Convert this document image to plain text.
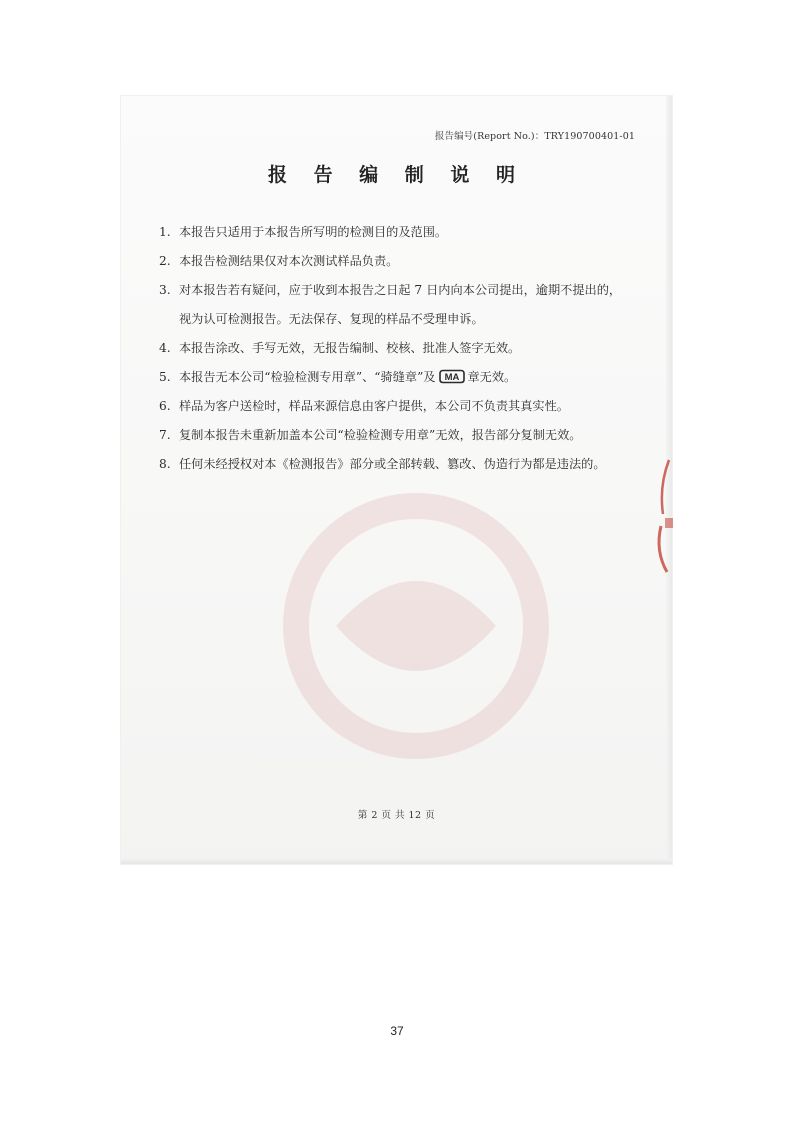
报告编号(Report No.)：TRY190700401-01
报 告 编 制 说 明
1. 本报告只适用于本报告所写明的检测目的及范围。
2. 本报告检测结果仅对本次测试样品负责。
3. 对本报告若有疑问，应于收到本报告之日起 7 日内向本公司提出，逾期不提出的，
视为认可检测报告。无法保存、复现的样品不受理申诉。
4. 本报告涂改、手写无效，无报告编制、校核、批准人签字无效。
5. 本报告无本公司“检验检测专用章”、“骑缝章”及 MA 章无效。
6. 样品为客户送检时，样品来源信息由客户提供，本公司不负责其真实性。
7. 复制本报告未重新加盖本公司“检验检测专用章”无效，报告部分复制无效。
8. 任何未经授权对本《检测报告》部分或全部转载、篡改、伪造行为都是违法的。
第 2 页 共 12 页
37
